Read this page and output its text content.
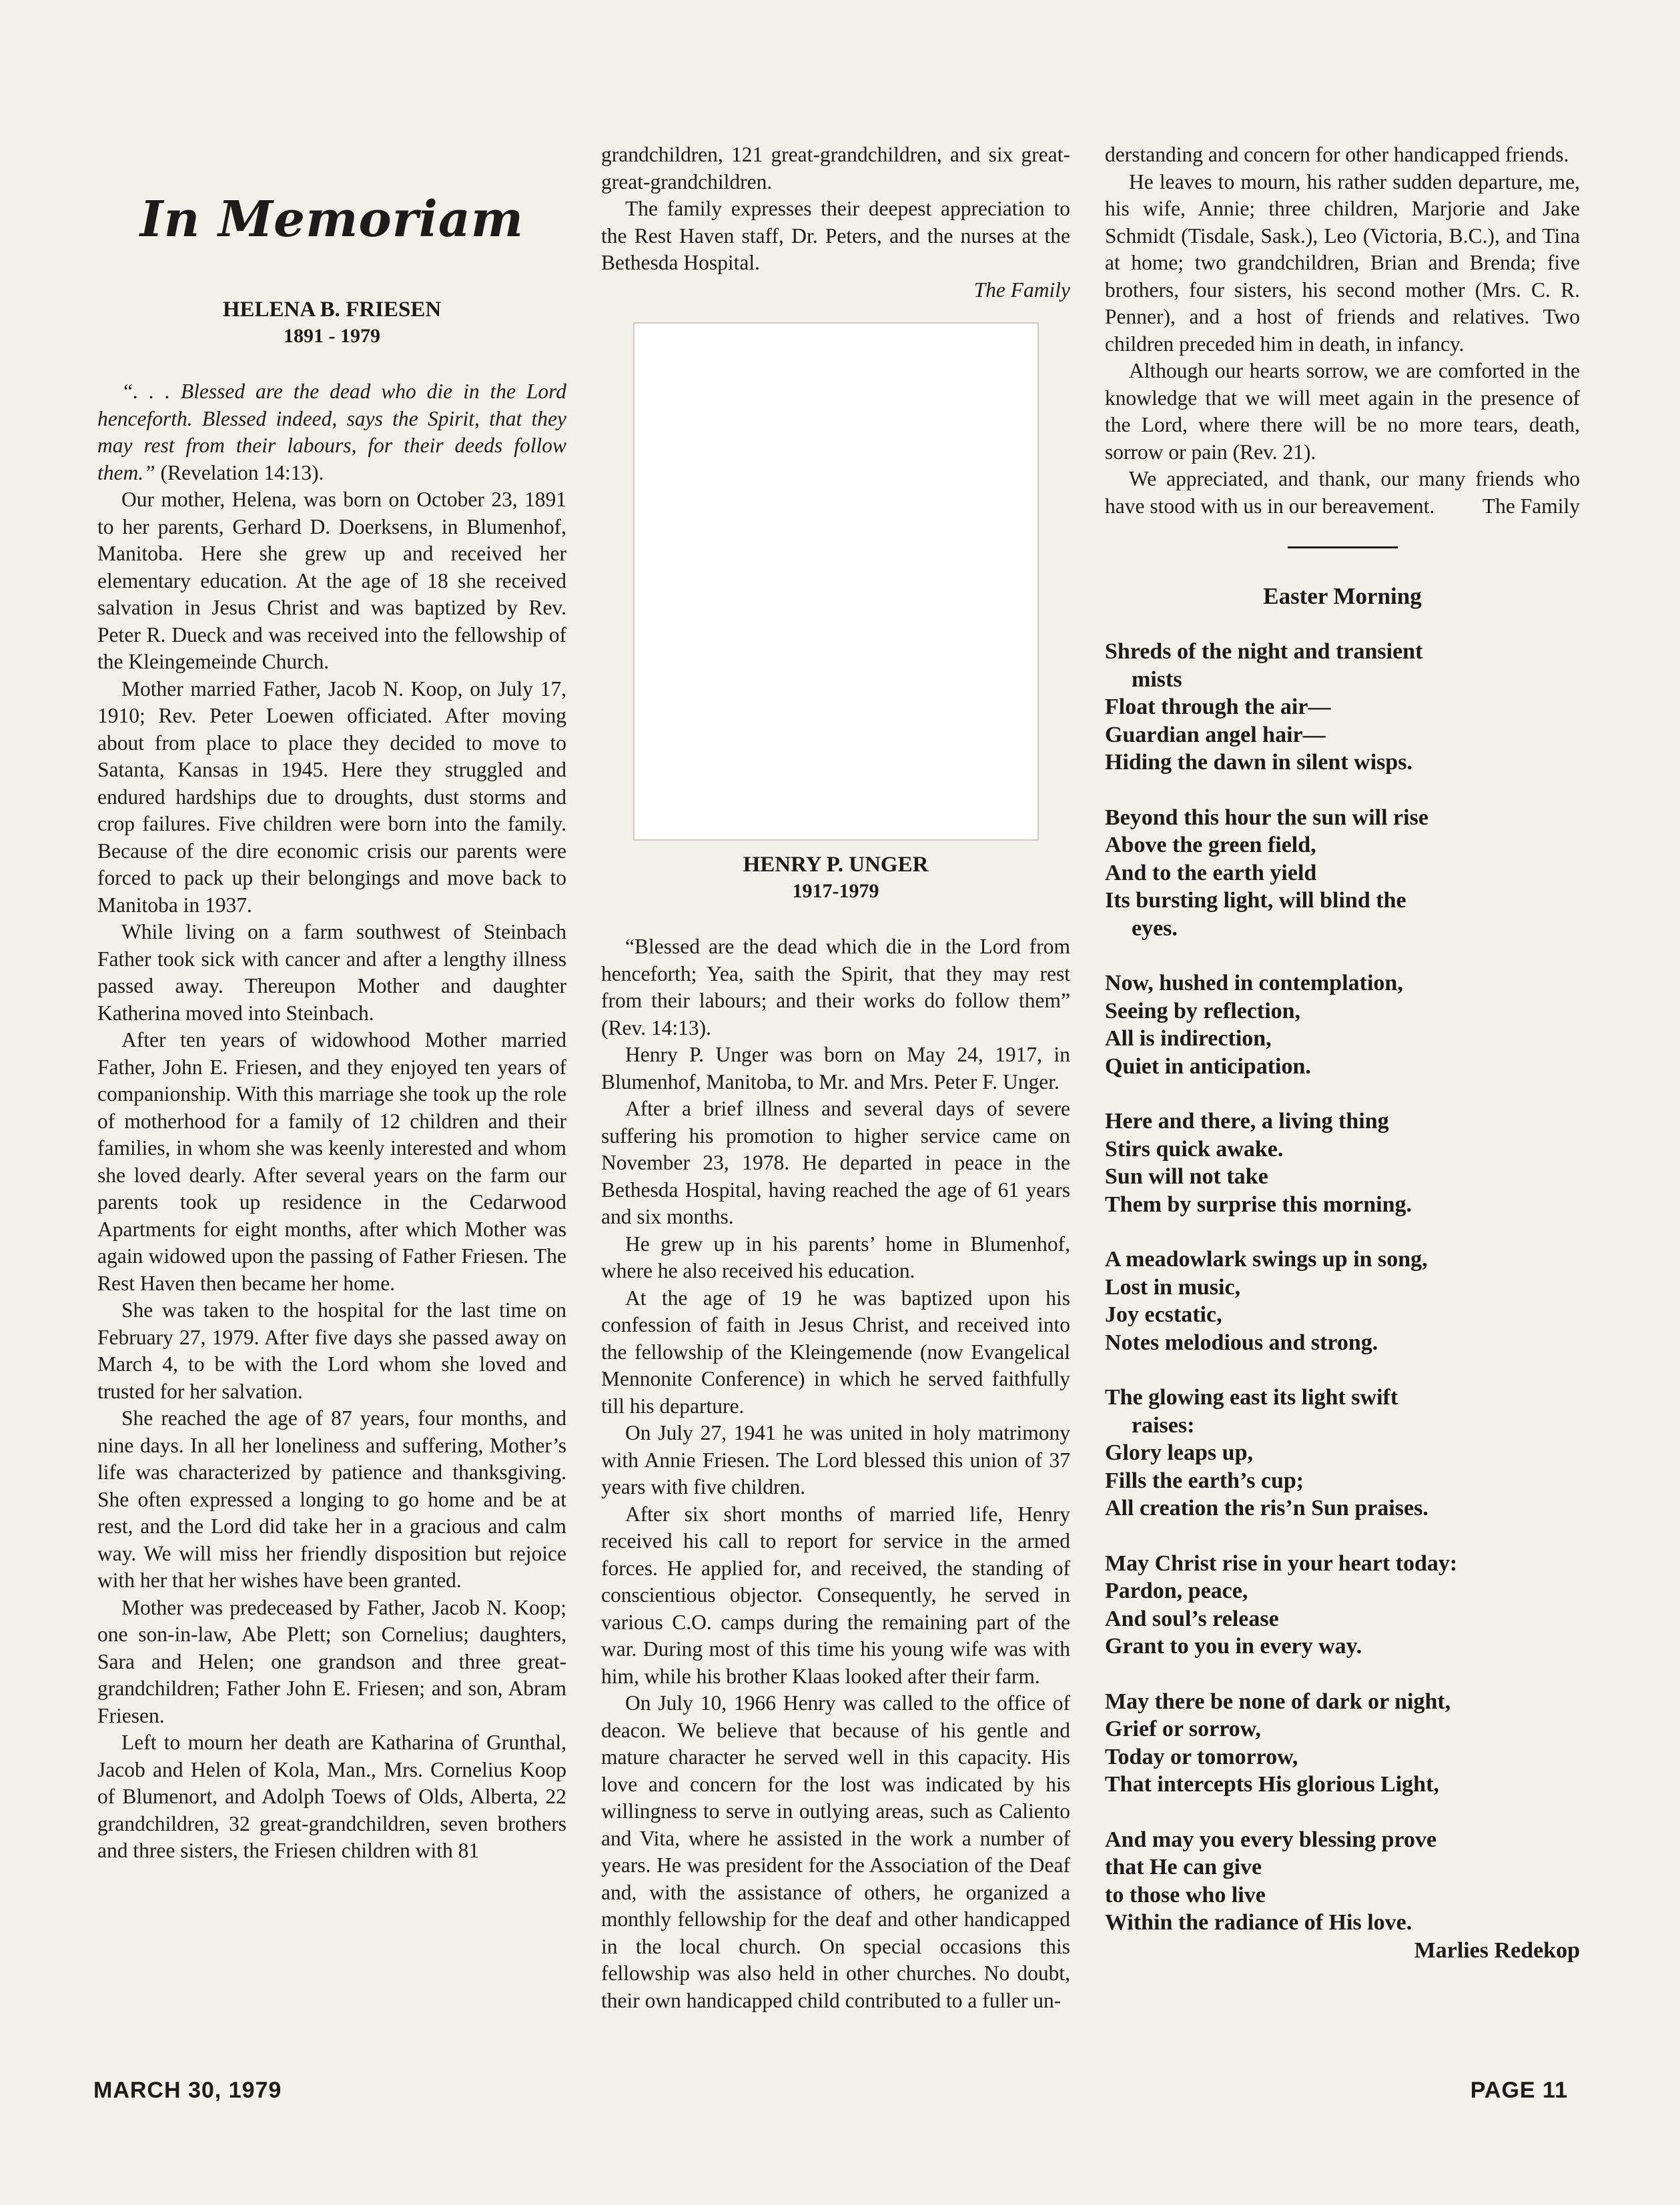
In Memoriam
HELENA B. FRIESEN
1891 - 1979

“. . . Blessed are the dead who die in the Lord henceforth. Blessed indeed, says the Spirit, that they may rest from their labours, for their deeds follow them.” (Revelation 14:13).

Our mother, Helena, was born on October 23, 1891 to her parents, Gerhard D. Doerksens, in Blumenhof, Manitoba. Here she grew up and received her elementary education. At the age of 18 she received salvation in Jesus Christ and was baptized by Rev. Peter R. Dueck and was received into the fellowship of the Kleingemeinde Church.

Mother married Father, Jacob N. Koop, on July 17, 1910; Rev. Peter Loewen officiated. After moving about from place to place they decided to move to Satanta, Kansas in 1945. Here they struggled and endured hardships due to droughts, dust storms and crop failures. Five children were born into the family. Because of the dire economic crisis our parents were forced to pack up their belongings and move back to Manitoba in 1937.

While living on a farm southwest of Steinbach Father took sick with cancer and after a lengthy illness passed away. Thereupon Mother and daughter Katherina moved into Steinbach.

After ten years of widowhood Mother married Father, John E. Friesen, and they enjoyed ten years of companionship. With this marriage she took up the role of motherhood for a family of 12 children and their families, in whom she was keenly interested and whom she loved dearly. After several years on the farm our parents took up residence in the Cedarwood Apartments for eight months, after which Mother was again widowed upon the passing of Father Friesen. The Rest Haven then became her home.

She was taken to the hospital for the last time on February 27, 1979. After five days she passed away on March 4, to be with the Lord whom she loved and trusted for her salvation.

She reached the age of 87 years, four months, and nine days. In all her loneliness and suffering, Mother’s life was characterized by patience and thanksgiving. She often expressed a longing to go home and be at rest, and the Lord did take her in a gracious and calm way. We will miss her friendly disposition but rejoice with her that her wishes have been granted.

Mother was predeceased by Father, Jacob N. Koop; one son-in-law, Abe Plett; son Cornelius; daughters, Sara and Helen; one grandson and three great-grandchildren; Father John E. Friesen; and son, Abram Friesen.

Left to mourn her death are Katharina of Grunthal, Jacob and Helen of Kola, Man., Mrs. Cornelius Koop of Blumenort, and Adolph Toews of Olds, Alberta, 22 grandchildren, 32 great-grandchildren, seven brothers and three sisters, the Friesen children with 81

grandchildren, 121 great-grandchildren, and six great-great-grandchildren.

The family expresses their deepest appreciation to the Rest Haven staff, Dr. Peters, and the nurses at the Bethesda Hospital.

The Family

HENRY P. UNGER
1917-1979

“Blessed are the dead which die in the Lord from henceforth; Yea, saith the Spirit, that they may rest from their labours; and their works do follow them” (Rev. 14:13).

Henry P. Unger was born on May 24, 1917, in Blumenhof, Manitoba, to Mr. and Mrs. Peter F. Unger.

After a brief illness and several days of severe suffering his promotion to higher service came on November 23, 1978. He departed in peace in the Bethesda Hospital, having reached the age of 61 years and six months.

He grew up in his parents’ home in Blumenhof, where he also received his education.

At the age of 19 he was baptized upon his confession of faith in Jesus Christ, and received into the fellowship of the Kleingemende (now Evangelical Mennonite Conference) in which he served faithfully till his departure.

On July 27, 1941 he was united in holy matrimony with Annie Friesen. The Lord blessed this union of 37 years with five children.

After six short months of married life, Henry received his call to report for service in the armed forces. He applied for, and received, the standing of conscientious objector. Consequently, he served in various C.O. camps during the remaining part of the war. During most of this time his young wife was with him, while his brother Klaas looked after their farm.

On July 10, 1966 Henry was called to the office of deacon. We believe that because of his gentle and mature character he served well in this capacity. His love and concern for the lost was indicated by his willingness to serve in outlying areas, such as Caliento and Vita, where he assisted in the work a number of years. He was president for the Association of the Deaf and, with the assistance of others, he organized a monthly fellowship for the deaf and other handicapped in the local church. On special occasions this fellowship was also held in other churches. No doubt, their own handicapped child contributed to a fuller un-

derstanding and concern for other handicapped friends.

He leaves to mourn, his rather sudden departure, me, his wife, Annie; three children, Marjorie and Jake Schmidt (Tisdale, Sask.), Leo (Victoria, B.C.), and Tina at home; two grandchildren, Brian and Brenda; five brothers, four sisters, his second mother (Mrs. C. R. Penner), and a host of friends and relatives. Two children preceded him in death, in infancy.

Although our hearts sorrow, we are comforted in the knowledge that we will meet again in the presence of the Lord, where there will be no more tears, death, sorrow or pain (Rev. 21).

We appreciated, and thank, our many friends who have stood with us in our bereavement.	The Family

Easter Morning
Shreds of the night and transient
mists
Float through the air—
Guardian angel hair—
Hiding the dawn in silent wisps.
Beyond this hour the sun will rise
Above the green field,
And to the earth yield
Its bursting light, will blind the
eyes.
Now, hushed in contemplation,
Seeing by reflection,
All is indirection,
Quiet in anticipation.
Here and there, a living thing
Stirs quick awake.
Sun will not take
Them by surprise this morning.
A meadowlark swings up in song,
Lost in music,
Joy ecstatic,
Notes melodious and strong.
The glowing east its light swift
raises:
Glory leaps up,
Fills the earth’s cup;
All creation the ris’n Sun praises.
May Christ rise in your heart today:
Pardon, peace,
And soul’s release
Grant to you in every way.
May there be none of dark or night,
Grief or sorrow,
Today or tomorrow,
That intercepts His glorious Light,
And may you every blessing prove
that He can give
to those who live
Within the radiance of His love.
Marlies Redekop
MARCH 30, 1979	PAGE 11
